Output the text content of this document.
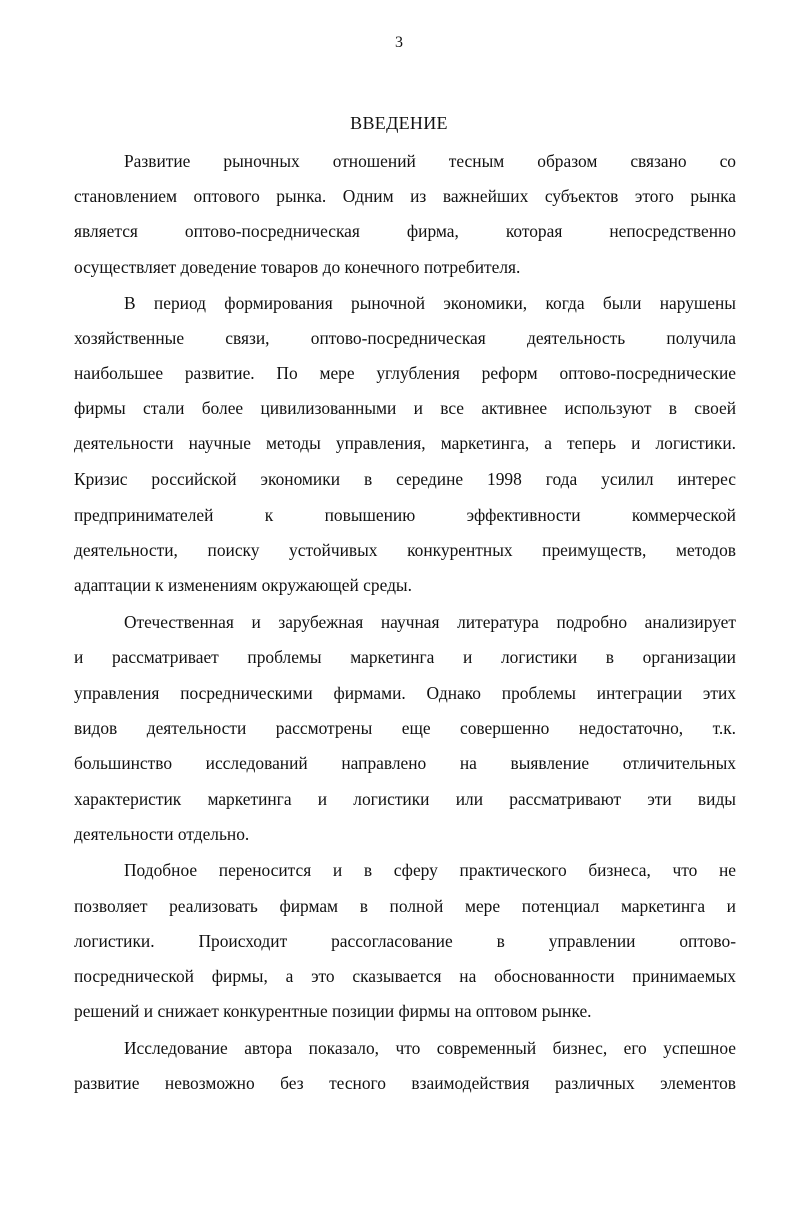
3
ВВЕДЕНИЕ
Развитие рыночных отношений тесным образом связано со
становлением оптового рынка. Одним из важнейших субъектов этого рынка
является оптово-посредническая фирма, которая непосредственно
осуществляет доведение товаров до конечного потребителя.
В период формирования рыночной экономики, когда были нарушены
хозяйственные связи, оптово-посредническая деятельность получила
наибольшее развитие. По мере углубления реформ оптово-посреднические
фирмы стали более цивилизованными и все активнее используют в своей
деятельности научные методы управления, маркетинга, а теперь и логистики.
Кризис российской экономики в середине 1998 года усилил интерес
предпринимателей к повышению эффективности коммерческой
деятельности, поиску устойчивых конкурентных преимуществ, методов
адаптации к изменениям окружающей среды.
Отечественная и зарубежная научная литература подробно анализирует
и рассматривает проблемы маркетинга и логистики в организации
управления посредническими фирмами. Однако проблемы интеграции этих
видов деятельности рассмотрены еще совершенно недостаточно, т.к.
большинство исследований направлено на выявление отличительных
характеристик маркетинга и логистики или рассматривают эти виды
деятельности отдельно.
Подобное переносится и в сферу практического бизнеса, что не
позволяет реализовать фирмам в полной мере потенциал маркетинга и
логистики. Происходит рассогласование в управлении оптово-
посреднической фирмы, а это сказывается на обоснованности принимаемых
решений и снижает конкурентные позиции фирмы на оптовом рынке.
Исследование автора показало, что современный бизнес, его успешное
развитие невозможно без тесного взаимодействия различных элементов
